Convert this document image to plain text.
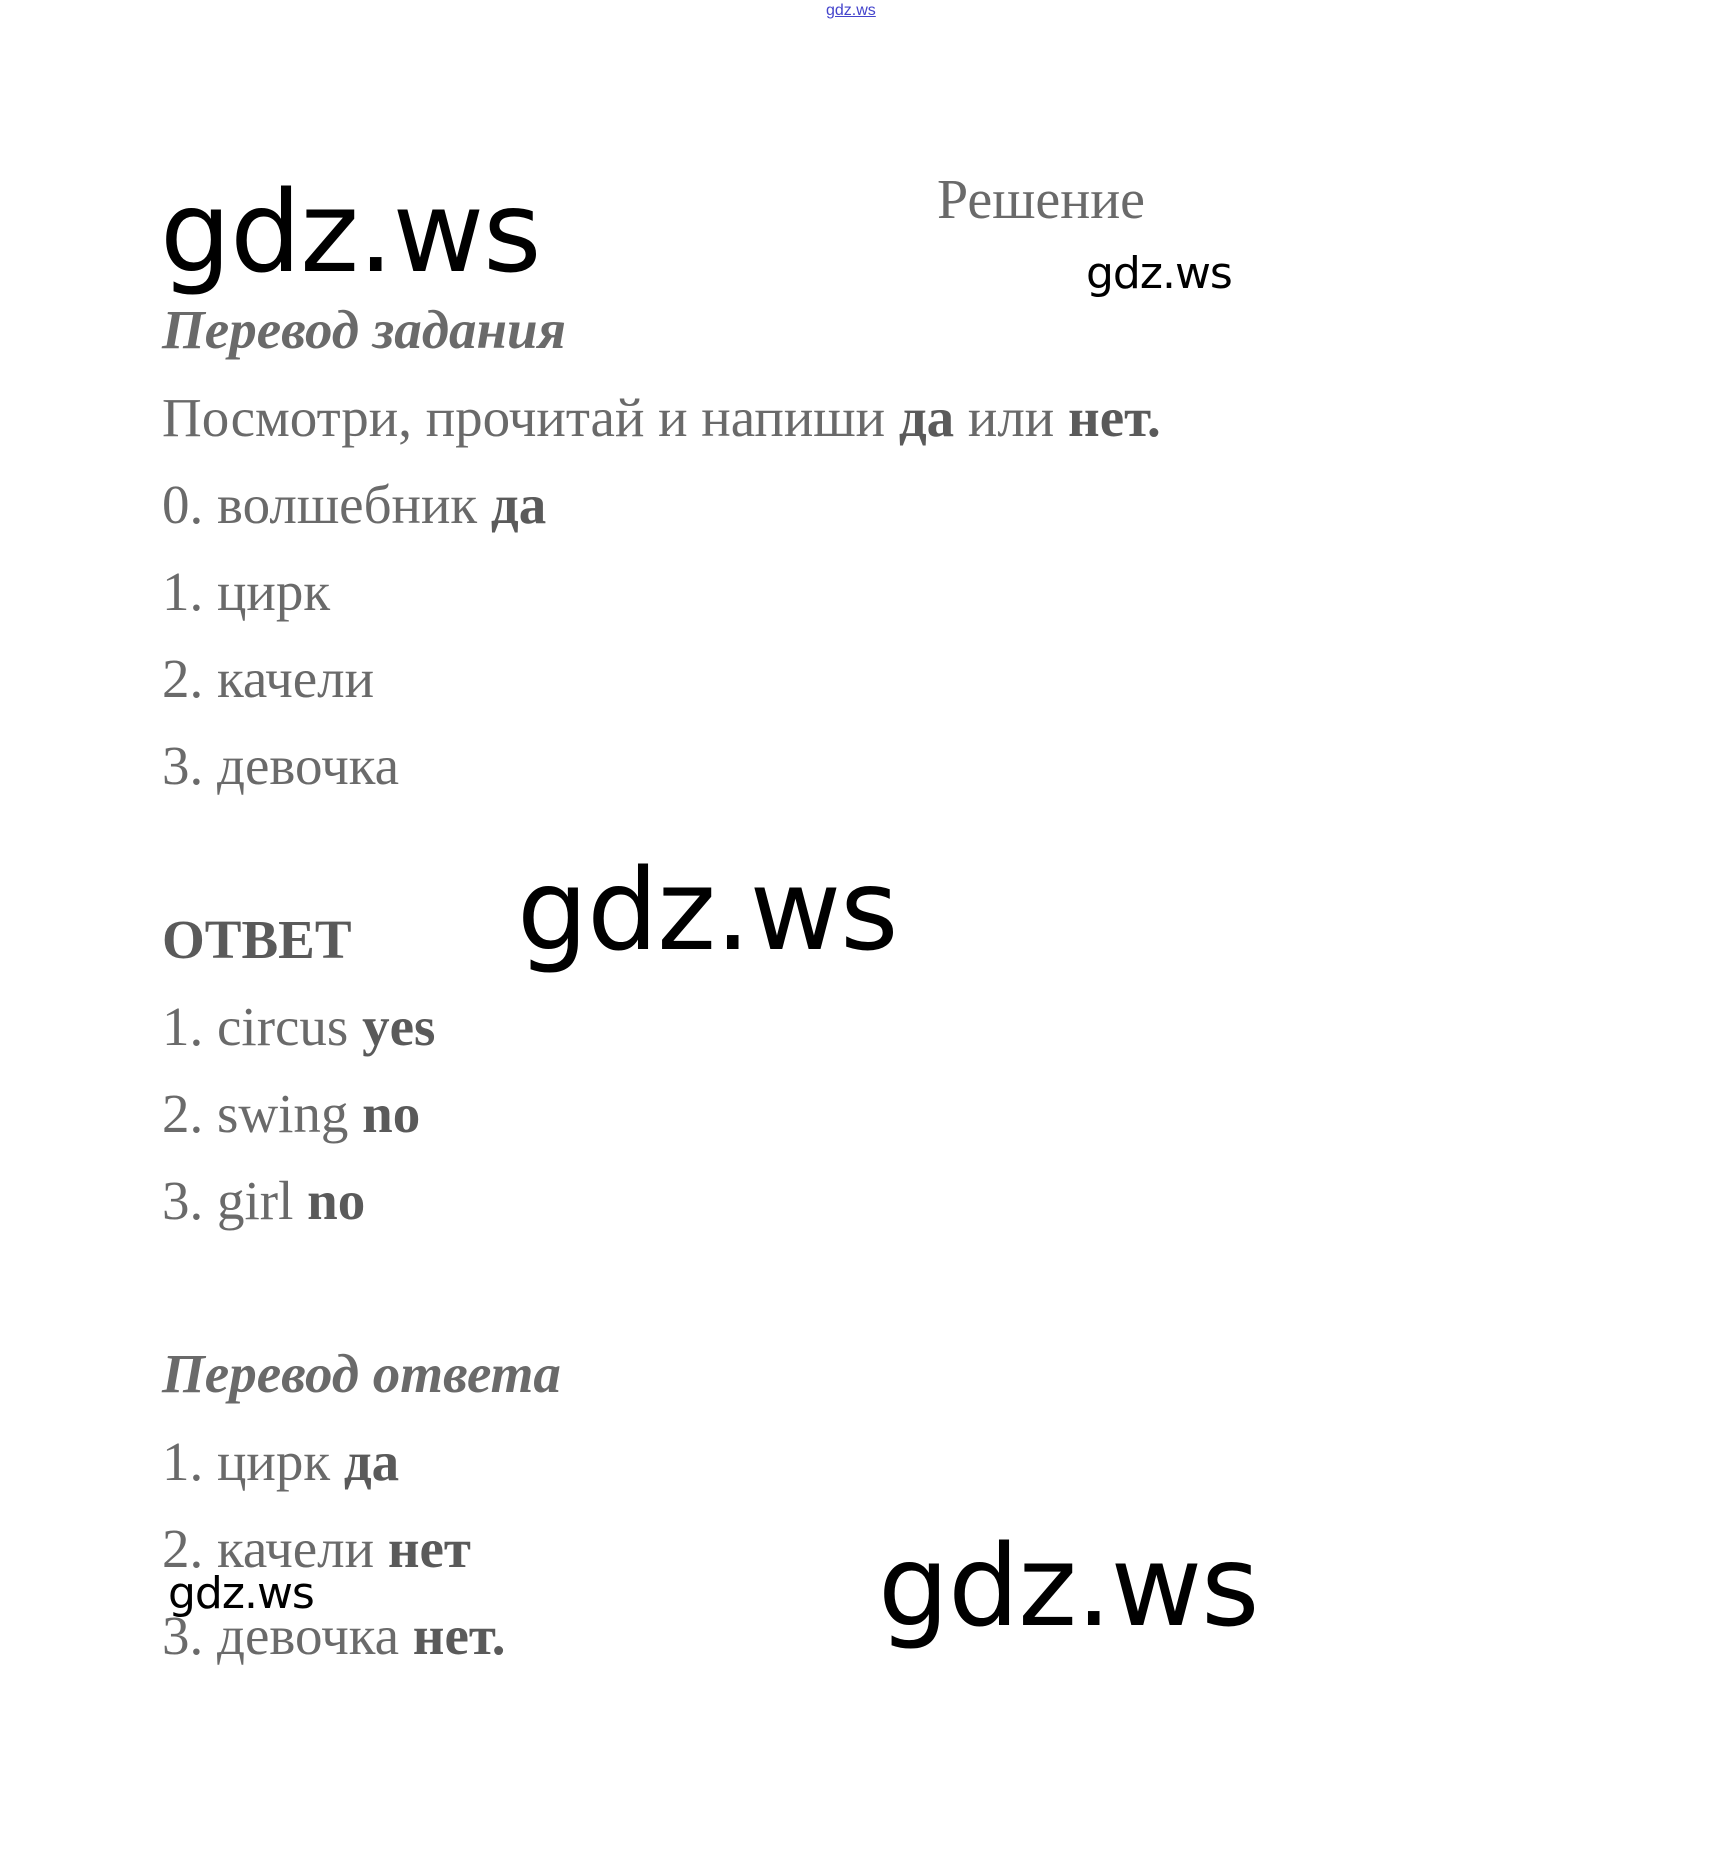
gdz.ws
gdz.ws	gdz.ws
gdz.ws
gdz.ws
gdz.ws
Решение
Перевод задания
Посмотри, прочитай и напиши да или нет.
0. волшебник да
1. цирк
2. качели
3. девочка
ОТВЕТ
1. circus yes
2. swing no
3. girl no
Перевод ответа
1. цирк да
2. качели нет
3. девочка нет.
